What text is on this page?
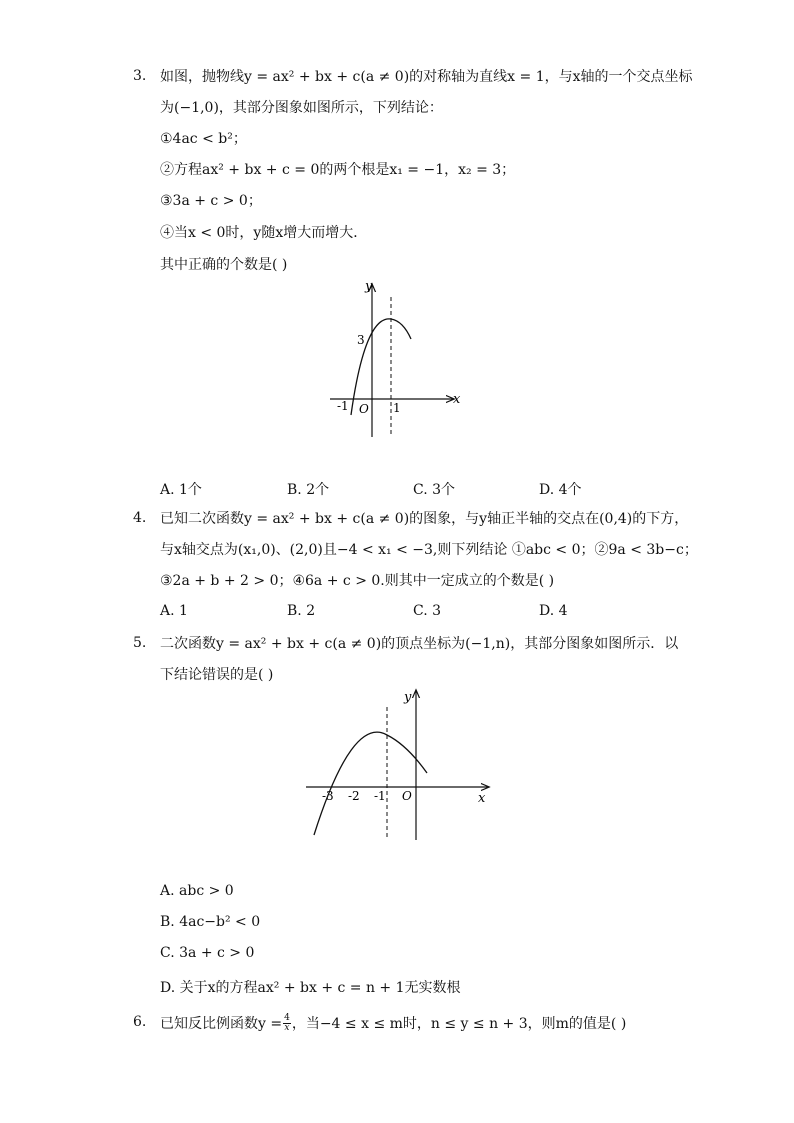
3. 如图，抛物线y = ax² + bx + c(a ≠ 0)的对称轴为直线x = 1，与x轴的一个交点坐标
为(−1,0)，其部分图象如图所示，下列结论：
①4ac < b²；
②方程ax² + bx + c = 0的两个根是x₁ = −1，x₂ = 3；
③3a + c > 0；
④当x < 0时，y随x增大而增大．
其中正确的个数是( )
y
x
O
3
-1	1
A. 1个	B. 2个	C. 3个	D. 4个
4. 已知二次函数y = ax² + bx + c(a ≠ 0)的图象，与y轴正半轴的交点在(0,4)的下方，
与x轴交点为(x₁,0)、(2,0)且−4 < x₁ < −3,则下列结论 ①abc < 0；②9a < 3b−c；
③2a + b + 2 > 0；④6a + c > 0.则其中一定成立的个数是( )
A. 1	B. 2	C. 3	D. 4
5. 二次函数y = ax² + bx + c(a ≠ 0)的顶点坐标为(−1,n)，其部分图象如图所示．以
下结论错误的是( )
y
x
O
-3 -2 -1
A. abc > 0
B. 4ac−b² < 0
C. 3a + c > 0
D. 关于x的方程ax² + bx + c = n + 1无实数根
6. 已知反比例函数$y = \frac{4}{x}$ ，当−4 ≤ x ≤ m时，n ≤ y ≤ n + 3，则m的值是( )
